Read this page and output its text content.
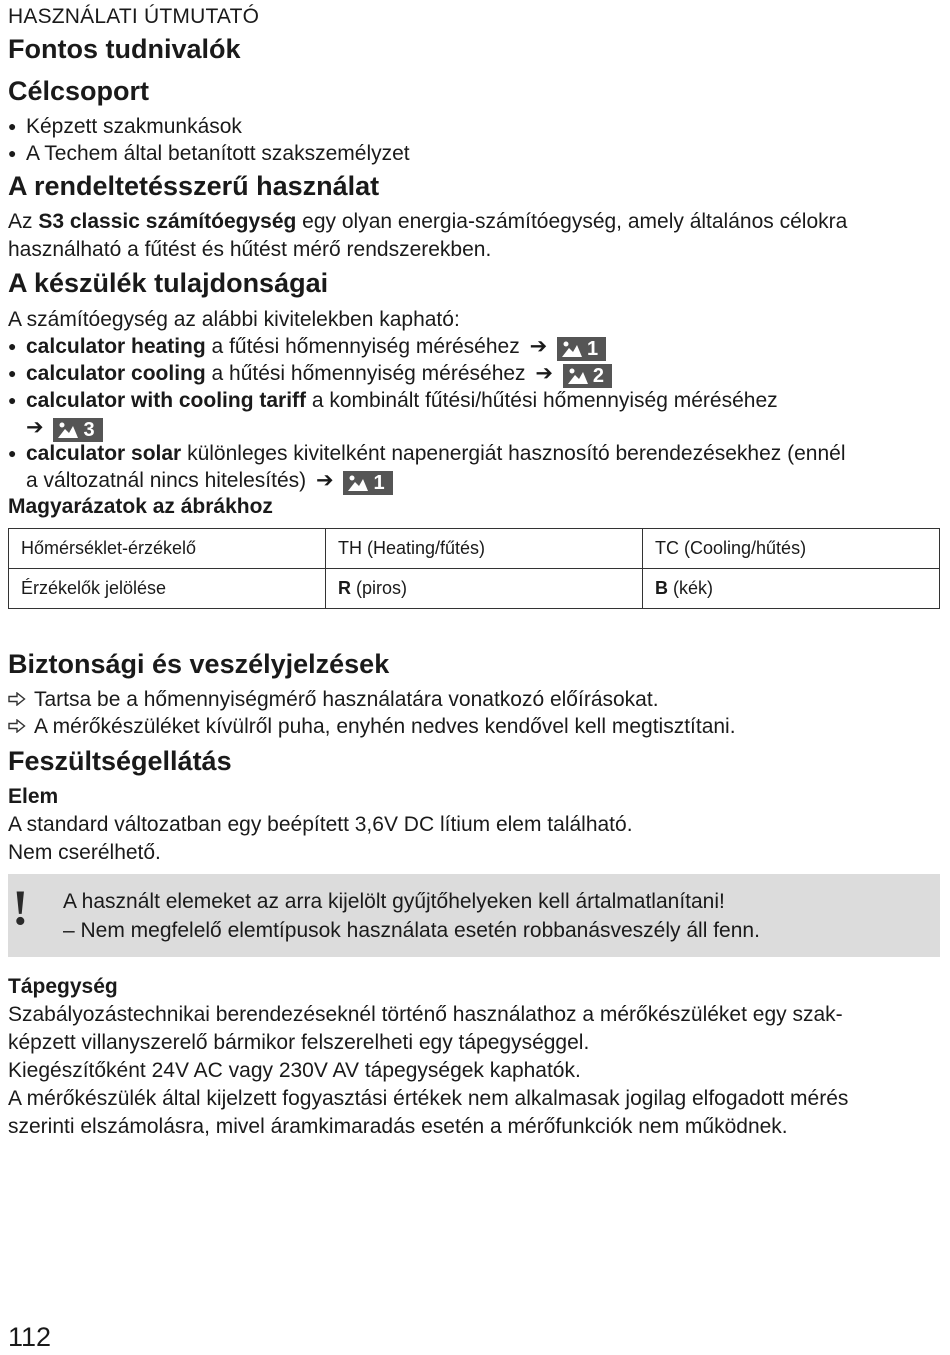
HASZNÁLATI ÚTMUTATÓ
Fontos tudnivalók
Célcsoport
● Képzett szakmunkások
● A Techem által betanított szakszemélyzet
A rendeltetésszerű használat
Az S3 classic számítóegység egy olyan energia-számítóegység, amely általános célokra
használható a fűtést és hűtést mérő rendszerekben.
A készülék tulajdonságai
A számítóegység az alábbi kivitelekben kapható:
● calculator heating a fűtési hőmennyiség méréséhez ➔ 1
● calculator cooling a hűtési hőmennyiség méréséhez ➔ 2
● calculator with cooling tariff a kombinált fűtési/hűtési hőmennyiség méréséhez
➔ 3
● calculator solar különleges kivitelként napenergiát hasznosító berendezésekhez (ennél
a változatnál nincs hitelesítés) ➔ 1
Magyarázatok az ábrákhoz
Hőmérséklet-érzékelő	TH (Heating/fűtés)	TC (Cooling/hűtés)
Érzékelők jelölése	R (piros)	B (kék)
Biztonsági és veszélyjelzések
Tartsa be a hőmennyiségmérő használatára vonatkozó előírásokat.
A mérőkészüléket kívülről puha, enyhén nedves kendővel kell megtisztítani.
Feszültségellátás
Elem
A standard változatban egy beépített 3,6V DC lítium elem található.
Nem cserélhető.
! A használt elemeket az arra kijelölt gyűjtőhelyeken kell ártalmatlanítani!
– Nem megfelelő elemtípusok használata esetén robbanásveszély áll fenn.
Tápegység
Szabályozástechnikai berendezéseknél történő használathoz a mérőkészüléket egy szak-
képzett villanyszerelő bármikor felszerelheti egy tápegységgel.
Kiegészítőként 24V AC vagy 230V AV tápegységek kaphatók.
A mérőkészülék által kijelzett fogyasztási értékek nem alkalmasak jogilag elfogadott mérés
szerinti elszámolásra, mivel áramkimaradás esetén a mérőfunkciók nem működnek.
112
